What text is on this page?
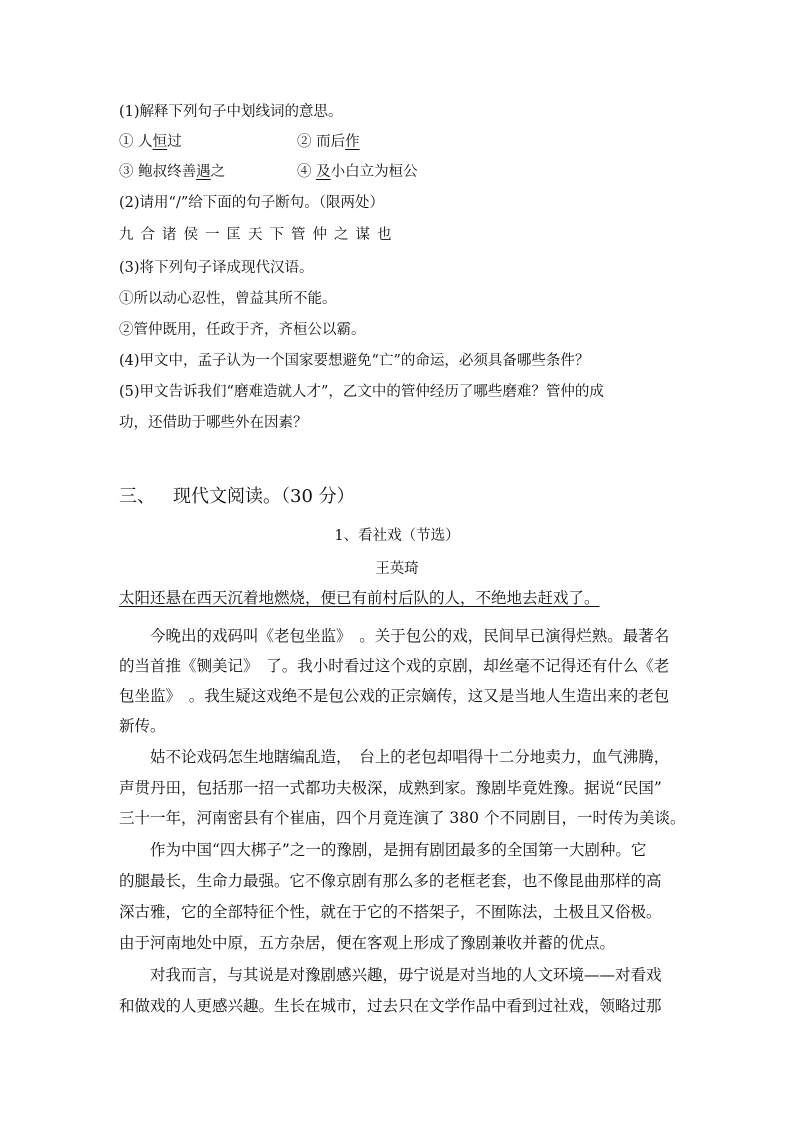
(1)解释下列句子中划线词的意思。
① 人恒过	② 而后作
③ 鲍叔终善遇之	④ 及小白立为桓公
(2)请用“/”给下面的句子断句。（限两处）
九合诸侯一匡天下管仲之谋也
(3)将下列句子译成现代汉语。
①所以动心忍性，曾益其所不能。
②管仲既用，任政于齐，齐桓公以霸。
(4)甲文中，孟子认为一个国家要想避免“亡”的命运，必须具备哪些条件？
(5)甲文告诉我们“磨难造就人才”，乙文中的管仲经历了哪些磨难？管仲的成
功，还借助于哪些外在因素？
三、 现代文阅读。（30 分）
1、看社戏（节选）
王英琦
太阳还悬在西天沉着地燃烧，便已有前村后队的人，不绝地去赶戏了。
　　今晚出的戏码叫《老包坐监》　。关于包公的戏，民间早已演得烂熟。最著名
的当首推《铡美记》　了。我小时看过这个戏的京剧，却丝毫不记得还有什么《老
包坐监》　。我生疑这戏绝不是包公戏的正宗嫡传，这又是当地人生造出来的老包
新传。
　　姑不论戏码怎生地瞎编乱造，　台上的老包却唱得十二分地卖力，血气沸腾，
声贯丹田，包括那一招一式都功夫极深，成熟到家。豫剧毕竟姓豫。据说“民国”
三十一年，河南密县有个崔庙，四个月竟连演了 380 个不同剧目，一时传为美谈。
　　作为中国“四大梆子”之一的豫剧，是拥有剧团最多的全国第一大剧种。它
的腿最长，生命力最强。它不像京剧有那么多的老框老套，也不像昆曲那样的高
深古雅，它的全部特征个性，就在于它的不搭架子，不囿陈法，土极且又俗极。
由于河南地处中原，五方杂居，便在客观上形成了豫剧兼收并蓄的优点。
　　对我而言，与其说是对豫剧感兴趣，毋宁说是对当地的人文环境——对看戏
和做戏的人更感兴趣。生长在城市，过去只在文学作品中看到过社戏，领略过那
